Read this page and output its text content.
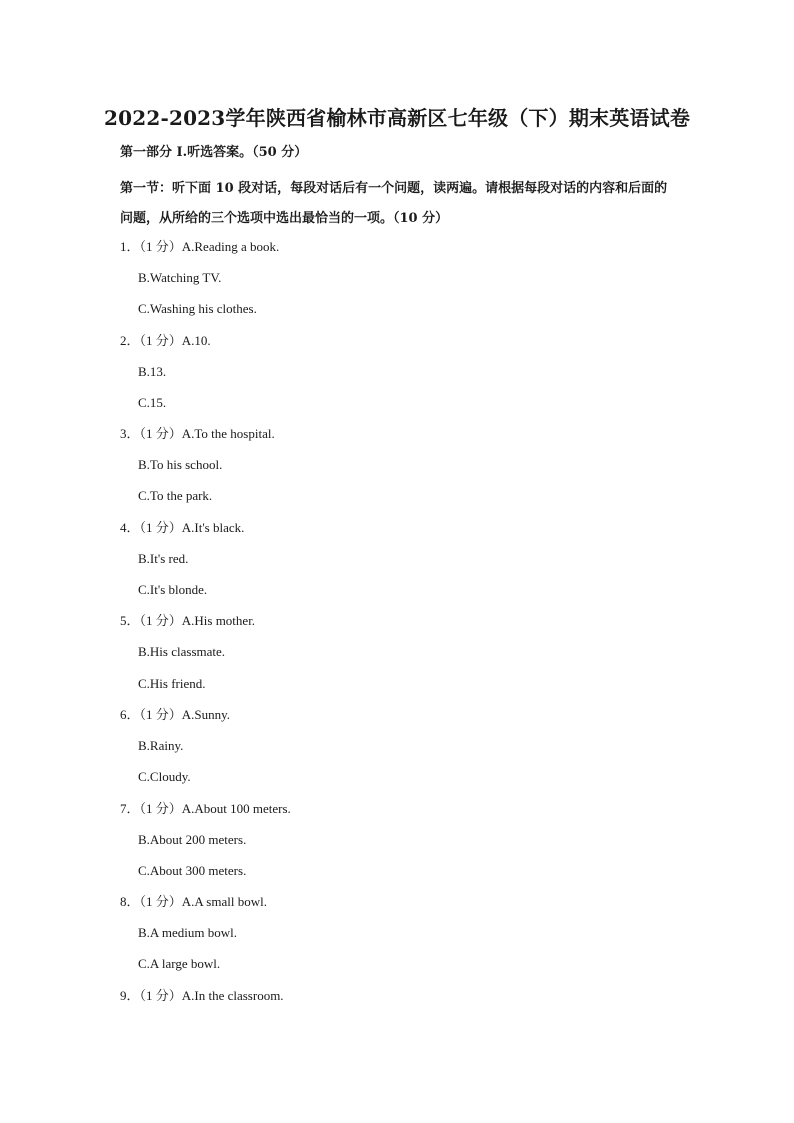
2022-2023学年陕西省榆林市高新区七年级（下）期末英语试卷
第一部分 I.听选答案。（50 分）
第一节：听下面 10 段对话，每段对话后有一个问题，读两遍。请根据每段对话的内容和后面的问题，从所给的三个选项中选出最恰当的一项。（10 分）
1．（1 分）A.Reading a book.
B.Watching TV.
C.Washing his clothes.
2．（1 分）A.10.
B.13.
C.15.
3．（1 分）A.To the hospital.
B.To his school.
C.To the park.
4．（1 分）A.It's black.
B.It's red.
C.It's blonde.
5．（1 分）A.His mother.
B.His classmate.
C.His friend.
6．（1 分）A.Sunny.
B.Rainy.
C.Cloudy.
7．（1 分）A.About 100 meters.
B.About 200 meters.
C.About 300 meters.
8．（1 分）A.A small bowl.
B.A medium bowl.
C.A large bowl.
9．（1 分）A.In the classroom.
